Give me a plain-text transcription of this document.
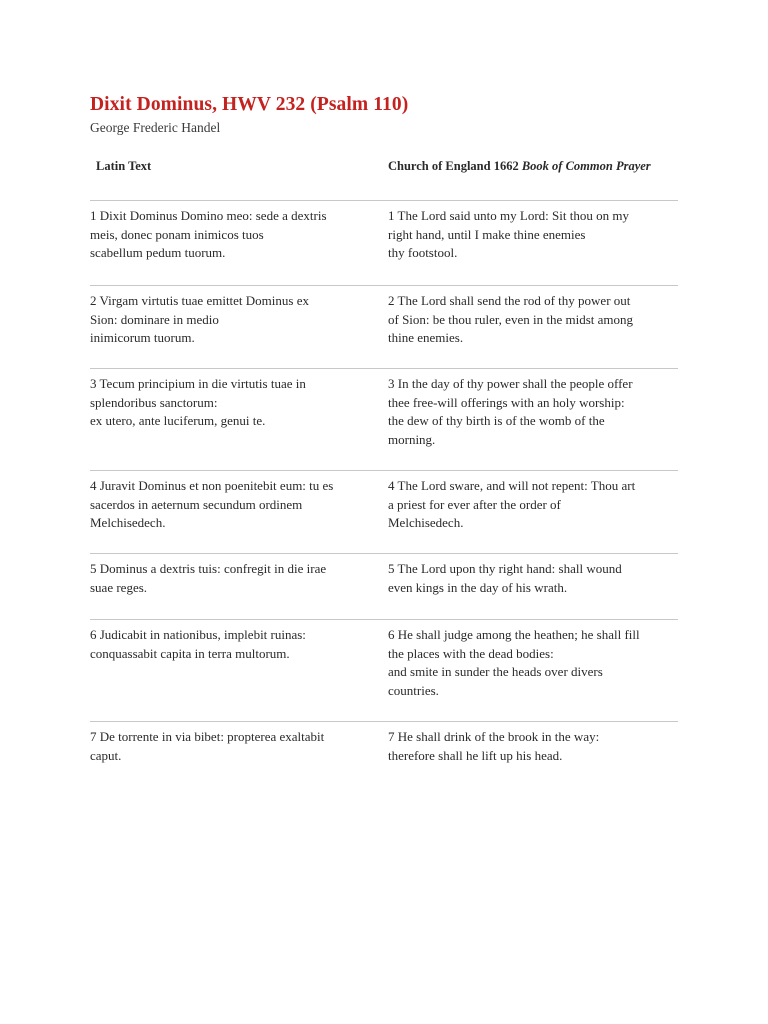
Dixit Dominus, HWV 232 (Psalm 110)

George Frederic Handel

Latin Text	Church of England 1662 Book of Common Prayer
1 Dixit Dominus Domino meo: sede a dextris
meis, donec ponam inimicos tuos
scabellum pedum tuorum.
1 The Lord said unto my Lord: Sit thou on my
right hand, until I make thine enemies
thy footstool.
2 Virgam virtutis tuae emittet Dominus ex
Sion: dominare in medio
inimicorum tuorum.
2 The Lord shall send the rod of thy power out
of Sion: be thou ruler, even in the midst among
thine enemies.
3 Tecum principium in die virtutis tuae in
splendoribus sanctorum:
ex utero, ante luciferum, genui te.
3 In the day of thy power shall the people offer
thee free-will offerings with an holy worship:
the dew of thy birth is of the womb of the
morning.
4 Juravit Dominus et non poenitebit eum: tu es
sacerdos in aeternum secundum ordinem
Melchisedech.
4 The Lord sware, and will not repent: Thou art
a priest for ever after the order of
Melchisedech.
5 Dominus a dextris tuis: confregit in die irae
suae reges.
5 The Lord upon thy right hand: shall wound
even kings in the day of his wrath.
6 Judicabit in nationibus, implebit ruinas:
conquassabit capita in terra multorum.
6 He shall judge among the heathen; he shall fill
the places with the dead bodies:
and smite in sunder the heads over divers
countries.
7 De torrente in via bibet: propterea exaltabit
caput.
7 He shall drink of the brook in the way:
therefore shall he lift up his head.
